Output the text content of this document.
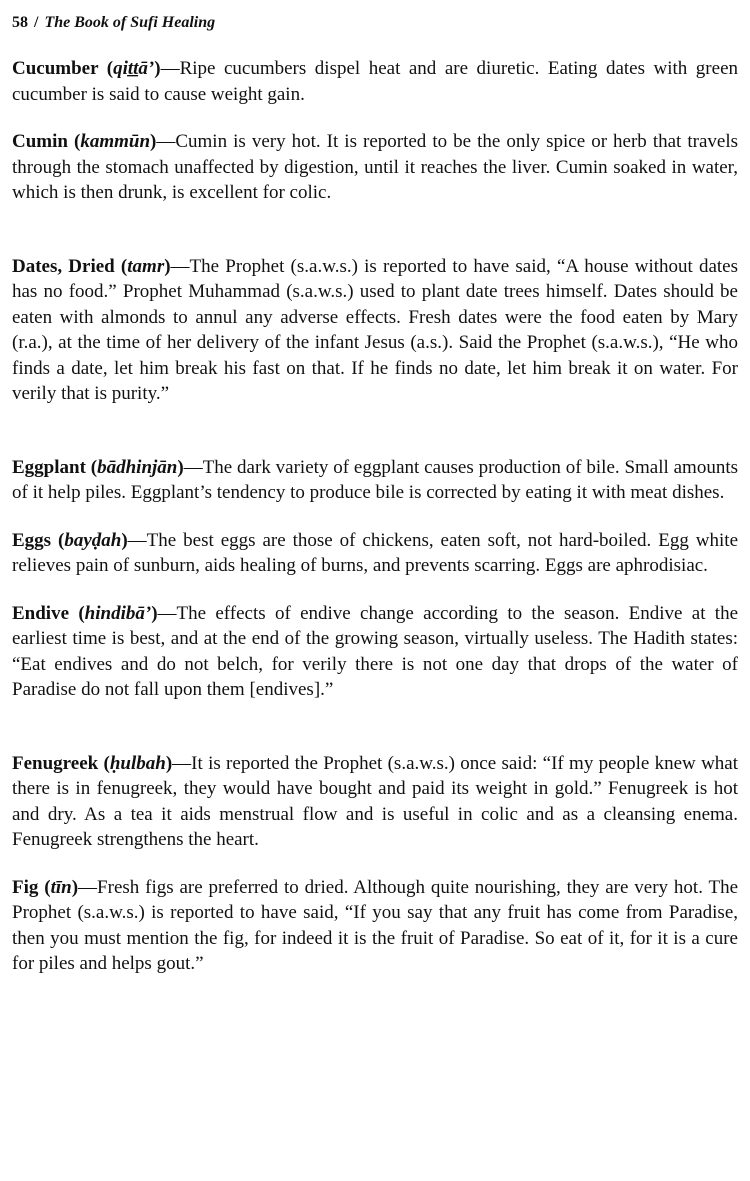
58 / The Book of Sufi Healing

Cucumber (qiṯṯā’)—Ripe cucumbers dispel heat and are diuretic. Eating dates with green cucumber is said to cause weight gain.

Cumin (kammūn)—Cumin is very hot. It is reported to be the only spice or herb that travels through the stomach unaffected by digestion, until it reaches the liver. Cumin soaked in water, which is then drunk, is excellent for colic.

Dates, Dried (tamr)—The Prophet (s.a.w.s.) is reported to have said, “A house without dates has no food.” Prophet Muhammad (s.a.w.s.) used to plant date trees himself. Dates should be eaten with almonds to annul any adverse effects. Fresh dates were the food eaten by Mary (r.a.), at the time of her delivery of the infant Jesus (a.s.). Said the Prophet (s.a.w.s.), “He who finds a date, let him break his fast on that. If he finds no date, let him break it on water. For verily that is purity.”

Eggplant (bādhinjān)—The dark variety of eggplant causes production of bile. Small amounts of it help piles. Eggplant’s tendency to produce bile is corrected by eating it with meat dishes.

Eggs (bayḍah)—The best eggs are those of chickens, eaten soft, not hard-boiled. Egg white relieves pain of sunburn, aids healing of burns, and prevents scarring. Eggs are aphrodisiac.

Endive (hindibā’)—The effects of endive change according to the season. Endive at the earliest time is best, and at the end of the growing season, virtually useless. The Hadith states: “Eat endives and do not belch, for verily there is not one day that drops of the water of Paradise do not fall upon them [endives].”

Fenugreek (ḥulbah)—It is reported the Prophet (s.a.w.s.) once said: “If my people knew what there is in fenugreek, they would have bought and paid its weight in gold.” Fenugreek is hot and dry. As a tea it aids menstrual flow and is useful in colic and as a cleansing enema. Fenugreek strengthens the heart.

Fig (tīn)—Fresh figs are preferred to dried. Although quite nourishing, they are very hot. The Prophet (s.a.w.s.) is reported to have said, “If you say that any fruit has come from Paradise, then you must mention the fig, for indeed it is the fruit of Paradise. So eat of it, for it is a cure for piles and helps gout.”
